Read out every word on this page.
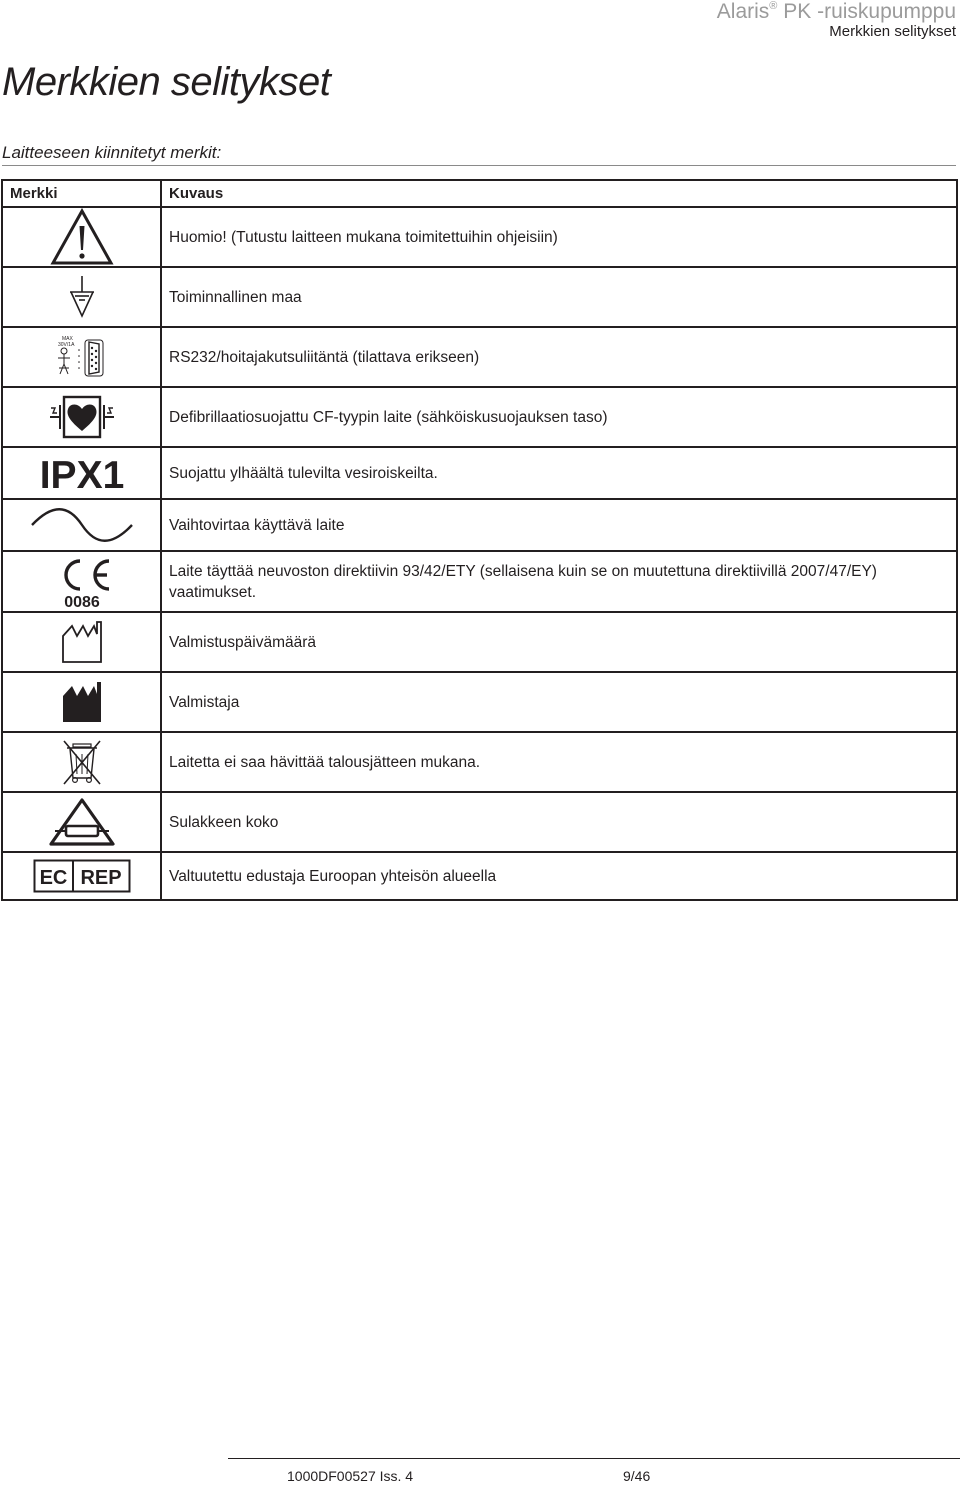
Alaris® PK -ruiskupumppu
Merkkien selitykset
Merkkien selitykset
Laitteeseen kiinnitetyt merkit:
Merkki	Kuvaus

	Huomio! (Tutustu laitteen mukana toimitettuihin ohjeisiin)

	Toiminnallinen maa

MAX
30V/1A	RS232/hoitajakutsuliitäntä (tilattava erikseen)

	Defibrillaatiosuojattu CF-tyypin laite (sähköiskusuojauksen taso)

IPX1	Suojattu ylhäältä tulevilta vesiroiskeilta.

	Vaihtovirtaa käyttävä laite

0086	Laite täyttää neuvoston direktiivin 93/42/ETY (sellaisena kuin se on muutettuna direktiivillä 2007/47/EY) vaatimukset.

	Valmistuspäivämäärä

	Valmistaja

	Laitetta ei saa hävittää talousjätteen mukana.

	Sulakkeen koko

EC REP	Valtuutettu edustaja Euroopan yhteisön alueella
1000DF00527 Iss. 4	9/46
